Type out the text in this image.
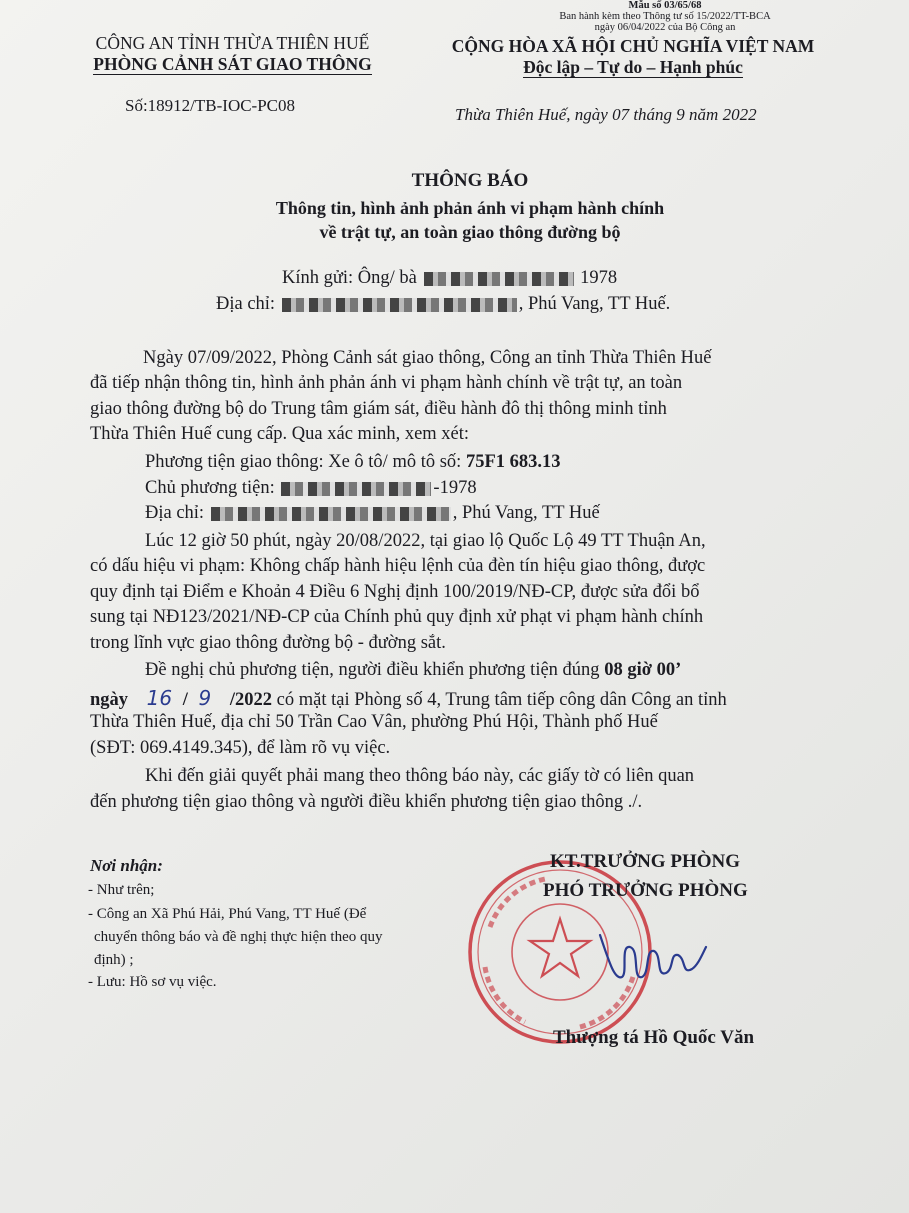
Mẫu số 03/65/68
Ban hành kèm theo Thông tư số 15/2022/TT-BCA
ngày 06/04/2022 của Bộ Công an
CÔNG AN TỈNH THỪA THIÊN HUẾ
PHÒNG CẢNH SÁT GIAO THÔNG
CỘNG HÒA XÃ HỘI CHỦ NGHĨA VIỆT NAM
Độc lập – Tự do – Hạnh phúc
Số:18912/TB-IOC-PC08	Thừa Thiên Huế, ngày 07 tháng 9 năm 2022
THÔNG BÁO
Thông tin, hình ảnh phản ánh vi phạm hành chính
về trật tự, an toàn giao thông đường bộ
Kính gửi: Ông/ bà	1978
Địa chỉ:	, Phú Vang, TT Huế.
Ngày 07/09/2022, Phòng Cảnh sát giao thông, Công an tỉnh Thừa Thiên Huế
đã tiếp nhận thông tin, hình ảnh phản ánh vi phạm hành chính về trật tự, an toàn
giao thông đường bộ do Trung tâm giám sát, điều hành đô thị thông minh tỉnh
Thừa Thiên Huế cung cấp. Qua xác minh, xem xét:
Phương tiện giao thông: Xe ô tô/ mô tô số: 75F1 683.13
Chủ phương tiện:	-1978
Địa chỉ:	, Phú Vang, TT Huế
Lúc 12 giờ 50 phút, ngày 20/08/2022, tại giao lộ Quốc Lộ 49 TT Thuận An,
có dấu hiệu vi phạm: Không chấp hành hiệu lệnh của đèn tín hiệu giao thông, được
quy định tại Điểm e Khoản 4 Điều 6 Nghị định 100/2019/NĐ-CP, được sửa đổi bổ
sung tại NĐ123/2021/NĐ-CP của Chính phủ quy định xử phạt vi phạm hành chính
trong lĩnh vực giao thông đường bộ - đường sắt.
Đề nghị chủ phương tiện, người điều khiển phương tiện đúng 08 giờ 00’
ngày 16 / 9 /2022 có mặt tại Phòng số 4, Trung tâm tiếp công dân Công an tỉnh
Thừa Thiên Huế, địa chỉ 50 Trần Cao Vân, phường Phú Hội, Thành phố Huế
(SĐT: 069.4149.345), để làm rõ vụ việc.
Khi đến giải quyết phải mang theo thông báo này, các giấy tờ có liên quan
đến phương tiện giao thông và người điều khiển phương tiện giao thông ./.
Nơi nhận:
- Như trên;
- Công an Xã Phú Hải, Phú Vang, TT Huế (Để
chuyển thông báo và đề nghị thực hiện theo quy
định) ;
- Lưu: Hồ sơ vụ việc.
KT.TRƯỞNG PHÒNG
PHÓ TRƯỞNG PHÒNG
Thượng tá Hồ Quốc Văn
